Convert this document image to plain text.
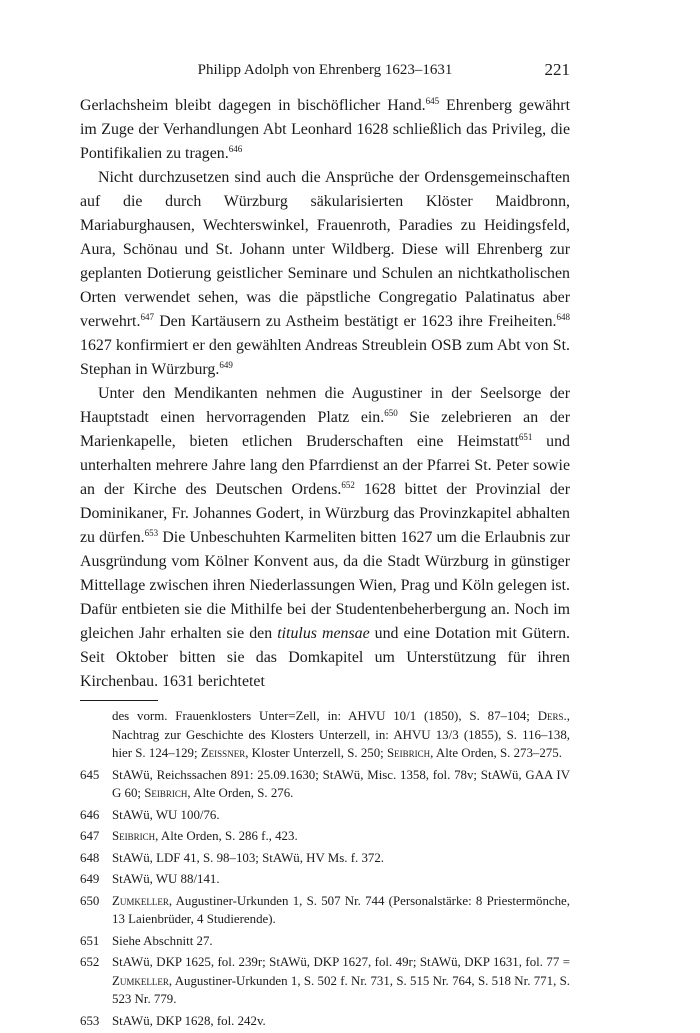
Philipp Adolph von Ehrenberg 1623–1631	221

Gerlachsheim bleibt dagegen in bischöflicher Hand.$^{645}$ Ehrenberg gewährt im Zuge der Verhandlungen Abt Leonhard 1628 schließlich das Privileg, die Pontifikalien zu tragen.$^{646}$

Nicht durchzusetzen sind auch die Ansprüche der Ordensgemeinschaften auf die durch Würzburg säkularisierten Klöster Maidbronn, Mariaburghausen, Wechterswinkel, Frauenroth, Paradies zu Heidingsfeld, Aura, Schönau und St. Johann unter Wildberg. Diese will Ehrenberg zur geplanten Dotierung geistlicher Seminare und Schulen an nichtkatholischen Orten verwendet sehen, was die päpstliche Congregatio Palatinatus aber verwehrt.$^{647}$ Den Kartäusern zu Astheim bestätigt er 1623 ihre Freiheiten.$^{648}$ 1627 konfirmiert er den gewählten Andreas Streublein OSB zum Abt von St. Stephan in Würzburg.$^{649}$

Unter den Mendikanten nehmen die Augustiner in der Seelsorge der Hauptstadt einen hervorragenden Platz ein.$^{650}$ Sie zelebrieren an der Marienkapelle, bieten etlichen Bruderschaften eine Heimstatt$^{651}$ und unterhalten mehrere Jahre lang den Pfarrdienst an der Pfarrei St. Peter sowie an der Kirche des Deutschen Ordens.$^{652}$ 1628 bittet der Provinzial der Dominikaner, Fr. Johannes Godert, in Würzburg das Provinzkapitel abhalten zu dürfen.$^{653}$ Die Unbeschuhten Karmeliten bitten 1627 um die Erlaubnis zur Ausgründung vom Kölner Konvent aus, da die Stadt Würzburg in günstiger Mittellage zwischen ihren Niederlassungen Wien, Prag und Köln gelegen ist. Dafür entbieten sie die Mithilfe bei der Studentenbeherbergung an. Noch im gleichen Jahr erhalten sie den titulus mensae und eine Dotation mit Gütern. Seit Oktober bitten sie das Domkapitel um Unterstützung für ihren Kirchenbau. 1631 berichtetet

des vorm. Frauenklosters Unter=Zell, in: AHVU 10/1 (1850), S. 87–104; Ders., Nachtrag zur Geschichte des Klosters Unterzell, in: AHVU 13/3 (1855), S. 116–138, hier S. 124–129; Zeissner, Kloster Unterzell, S. 250; Seibrich, Alte Orden, S. 273–275.
645 StAWü, Reichssachen 891: 25.09.1630; StAWü, Misc. 1358, fol. 78v; StAWü, GAA IV G 60; Seibrich, Alte Orden, S. 276.
646 StAWü, WU 100/76.
647 Seibrich, Alte Orden, S. 286 f., 423.
648 StAWü, LDF 41, S. 98–103; StAWü, HV Ms. f. 372.
649 StAWü, WU 88/141.
650 Zumkeller, Augustiner-Urkunden 1, S. 507 Nr. 744 (Personalstärke: 8 Priestermönche, 13 Laienbrüder, 4 Studierende).
651 Siehe Abschnitt 27.
652 StAWü, DKP 1625, fol. 239r; StAWü, DKP 1627, fol. 49r; StAWü, DKP 1631, fol. 77 = Zumkeller, Augustiner-Urkunden 1, S. 502 f. Nr. 731, S. 515 Nr. 764, S. 518 Nr. 771, S. 523 Nr. 779.
653 StAWü, DKP 1628, fol. 242v.
